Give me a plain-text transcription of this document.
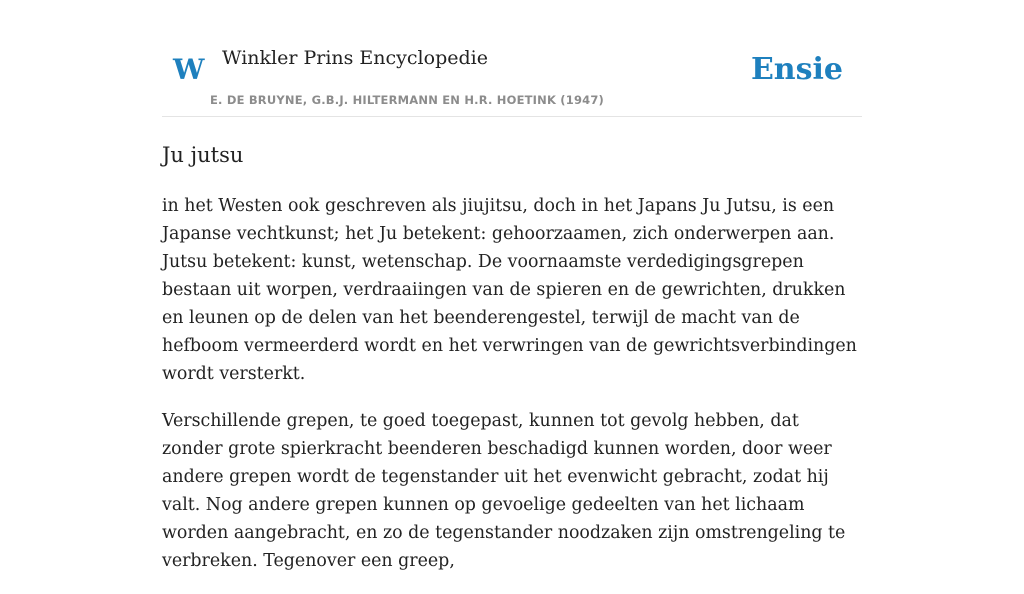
W Winkler Prins Encyclopedie
E. DE BRUYNE, G.B.J. HILTERMANN EN H.R. HOETINK (1947)
Ensie
Ju jutsu

in het Westen ook geschreven als jiujitsu, doch in het Japans Ju Jutsu, is een Japanse vechtkunst; het Ju betekent: gehoorzaamen, zich onderwerpen aan. Jutsu betekent: kunst, wetenschap. De voornaamste verdedigingsgrepen bestaan uit worpen, verdraaiingen van de spieren en de gewrichten, drukken en leunen op de delen van het beenderengestel, terwijl de macht van de hefboom vermeerderd wordt en het verwringen van de gewrichtsverbindingen wordt versterkt.

Verschillende grepen, te goed toegepast, kunnen tot gevolg hebben, dat zonder grote spierkracht beenderen beschadigd kunnen worden, door weer andere grepen wordt de tegenstander uit het evenwicht gebracht, zodat hij valt. Nog andere grepen kunnen op gevoelige gedeelten van het lichaam worden aangebracht, en zo de tegenstander noodzaken zijn omstrengeling te verbreken. Tegenover een greep,
